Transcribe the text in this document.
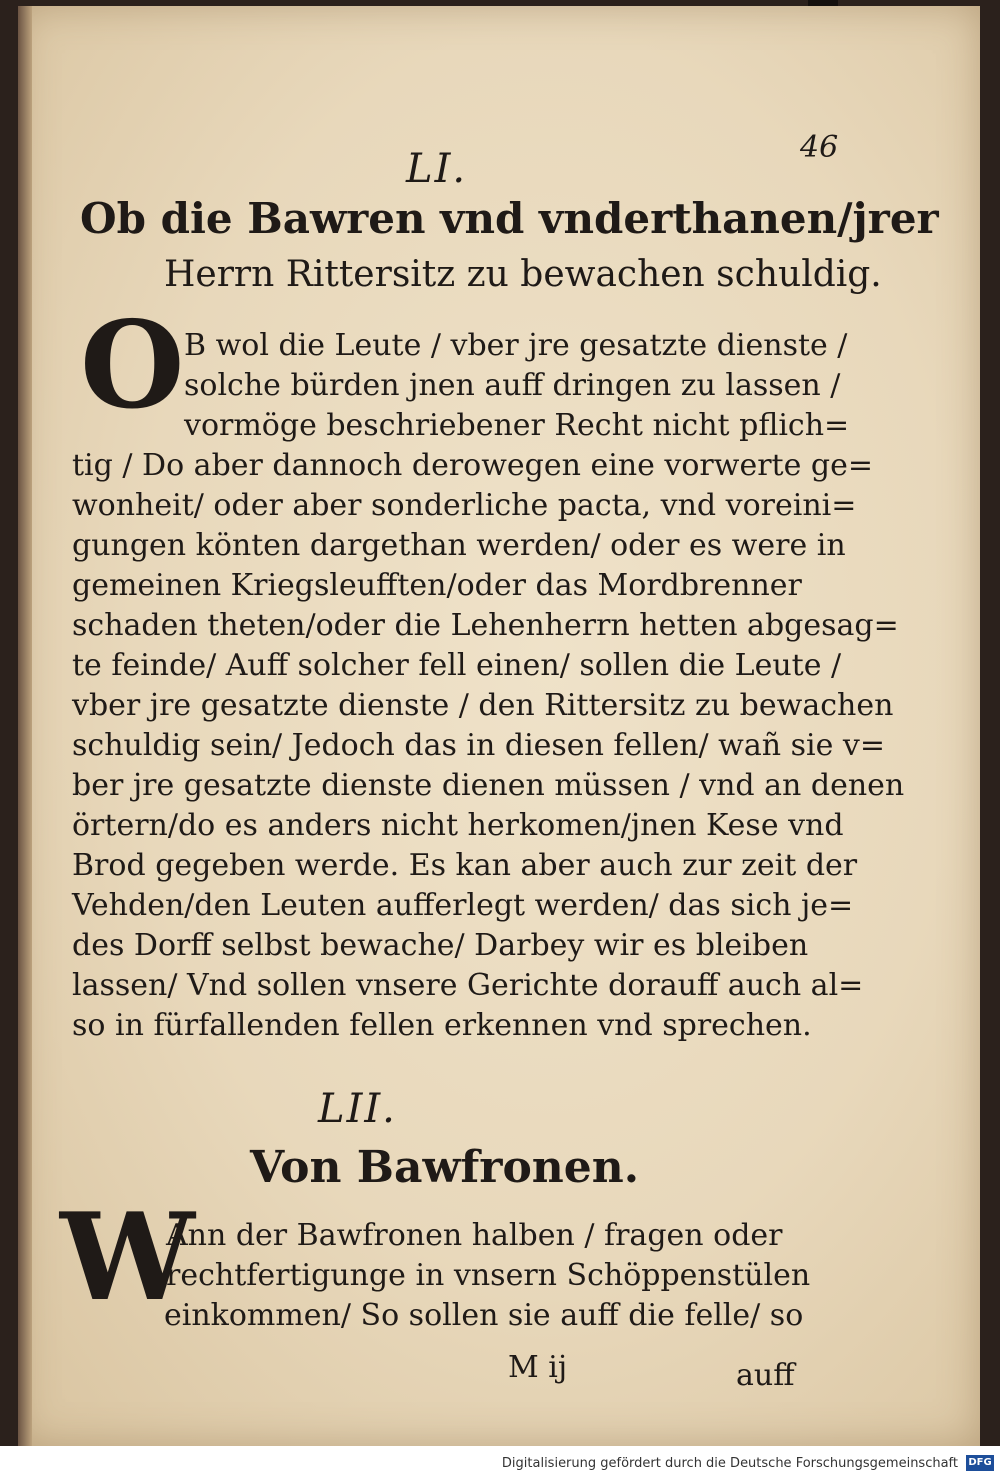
46
LI.
Ob die Bawren vnd vnderthanen/jrer
Herrn Rittersitz zu bewachen schuldig.
O B wol die Leute / vber jre gesatzte dienste /
solche bürden jnen auff dringen zu lassen /
vormöge beschriebener Recht nicht pflich=
tig / Do aber dannoch derowegen eine vorwerte ge=
wonheit/ oder aber sonderliche pacta, vnd voreini=
gungen könten dargethan werden/ oder es were in
gemeinen Kriegsleufften/oder das Mordbrenner
schaden theten/oder die Lehenherrn hetten abgesag=
te feinde/ Auff solcher fell einen/ sollen die Leute /
vber jre gesatzte dienste / den Rittersitz zu bewachen
schuldig sein/ Jedoch das in diesen fellen/ wañ sie v=
ber jre gesatzte dienste dienen müssen / vnd an denen
örtern/do es anders nicht herkomen/jnen Kese vnd
Brod gegeben werde. Es kan aber auch zur zeit der
Vehden/den Leuten aufferlegt werden/ das sich je=
des Dorff selbst bewache/ Darbey wir es bleiben
lassen/ Vnd sollen vnsere Gerichte dorauff auch al=
so in fürfallenden fellen erkennen vnd sprechen.
LII.
Von Bawfronen.
W
Ann der Bawfronen halben / fragen oder
rechtfertigunge in vnsern Schöppenstülen
einkommen/ So sollen sie auff die felle/ so
M ij	auff
Digitalisierung gefördert durch die Deutsche Forschungsgemeinschaft DFG
